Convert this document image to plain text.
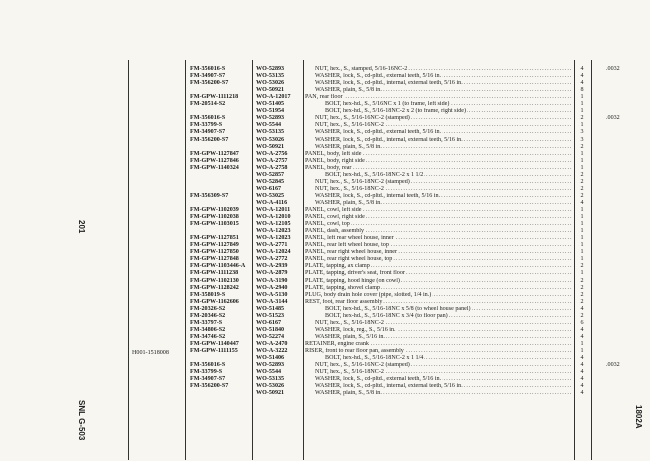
201
SNL G-503	1802A
H001-1518008
FM-356016-S	WO-52893	NUT, hex., S., stamped, 5/16-16NC-2 .....	4	.0032
FM-34907-S7	WO-53135	WASHER, lock, S., cd-pltd., external teeth, 5/16 in. .....	4
FM-356200-S7	WO-53026	WASHER, lock, S., cd-pltd., internal, external teeth, 5/16 in. .....	4
WO-50921	WASHER, plain, S., 5/8 in. .....	8
FM-GPW-1111218	WO-A-12017	PAN, rear floor .....	1
FM-20514-S2	WO-51405	BOLT, hex-hd., S., 5/16NC x 1 (to frame, left side) .....	1
WO-51954	BOLT, hex-hd., S., 5/16-18NC-2 x 2 (to frame, right side) .....	1
FM-356016-S	WO-52893	NUT, hex., S., 5/16-16NC-2 (stamped) .....	2	.0032
FM-33799-S	WO-5544	NUT, hex., S., 5/16-16NC-2 .....	1
FM-34907-S7	WO-53135	WASHER, lock, S., cd-pltd., external teeth, 5/16 in. .....	3
FM-356200-S7	WO-53026	WASHER, lock, S., cd-pltd., internal, external teeth, 5/16 in. .....	3
WO-50921	WASHER, plain, S., 5/8 in. .....	2
FM-GPW-1127847	WO-A-2756	PANEL, body, left side .....	1
FM-GPW-1127846	WO-A-2757	PANEL, body, right side .....	1
FM-GPW-1140324	WO-A-2758	PANEL, body, rear .....	1
WO-52857	BOLT, hex-hd., S., 5/16-18NC-2 x 1 1/2 .....	2
WO-52845	NUT, hex., S., 5/16-18NC-2 (stamped) .....	2
WO-6167	NUT, hex., S., 5/16-18NC-2 .....	2
FM-356309-S7	WO-53025	WASHER, lock, S., cd-pltd., internal teeth, 5/16 in. .....	2
WO-A-4116	WASHER, plain, S., 5/8 in. .....	4
FM-GPW-1102039	WO-A-12011	PANEL, cowl, left side .....	1
FM-GPW-1102038	WO-A-12010	PANEL, cowl, right side .....	1
FM-GPW-1103015	WO-A-12105	PANEL, cowl, top .....	1
WO-A-12023	PANEL, dash, assembly .....	1
FM-GPW-1127851	WO-A-12023	PANEL, left rear wheel house, inner .....	1
FM-GPW-1127849	WO-A-2771	PANEL, rear left wheel house, top .....	1
FM-GPW-1127850	WO-A-12024	PANEL, rear right wheel house, inner .....	1
FM-GPW-1127848	WO-A-2772	PANEL, rear right wheel house, top .....	1
FM-GPW-1103446-A	WO-A-2939	PLATE, tapping, ax clamp .....	2
FM-GPW-1111238	WO-A-2879	PLATE, tapping, driver's seat, front floor .....	1
FM-GPW-1102130	WO-A-3190	PLATE, tapping, hood hinge (on cowl) .....	2
FM-GPW-1128242	WO-A-2940	PLATE, tapping, shovel clamp .....	2
FM-358019-S	WO-A-5130	PLUG, body drain hole cover (pipe, slotted, 1/4 in.) .....	2
FM-GPW-1162606	WO-A-3144	REST, foot, rear floor assembly .....	2
FM-20326-S2	WO-51485	BOLT, hex-hd., S., 5/16-18NC x 5/8 (to wheel house panel) .....	4
FM-20346-S2	WO-51523	BOLT, hex-hd., S., 5/16-18NC x 3/4 (to floor pan) .....	2
FM-33797-S	WO-6167	NUT, hex., S., 5/16-18NC-2 .....	6
FM-34806-S2	WO-51840	WASHER, lock, reg., S., 5/16 in. .....	4
FM-34746-S2	WO-52274	WASHER, plain, S., 5/16 in. .....	4
FM-GPW-1140447	WO-A-2470	RETAINER, engine crank .....	1
FM-GPW-1111155	WO-A-3222	RISER, front to rear floor pan, assembly .....	1
WO-51406	BOLT, hex-hd., S., 5/16-18NC-2 x 1 1/4 .....	4
FM-356016-S	WO-52893	NUT, hex., S., 5/16-16NC-2 (stamped) .....	4	.0032
FM-33799-S	WO-5544	NUT, hex., S., 5/16-18NC-2 .....	4
FM-34907-S7	WO-53135	WASHER, lock, S., cd-pltd., external teeth, 5/16 in. .....	4
FM-356200-S7	WO-53026	WASHER, lock, S., cd-pltd., internal, external teeth, 5/16 in. .....	4
WO-50921	WASHER, plain, S., 5/8 in. .....	4
